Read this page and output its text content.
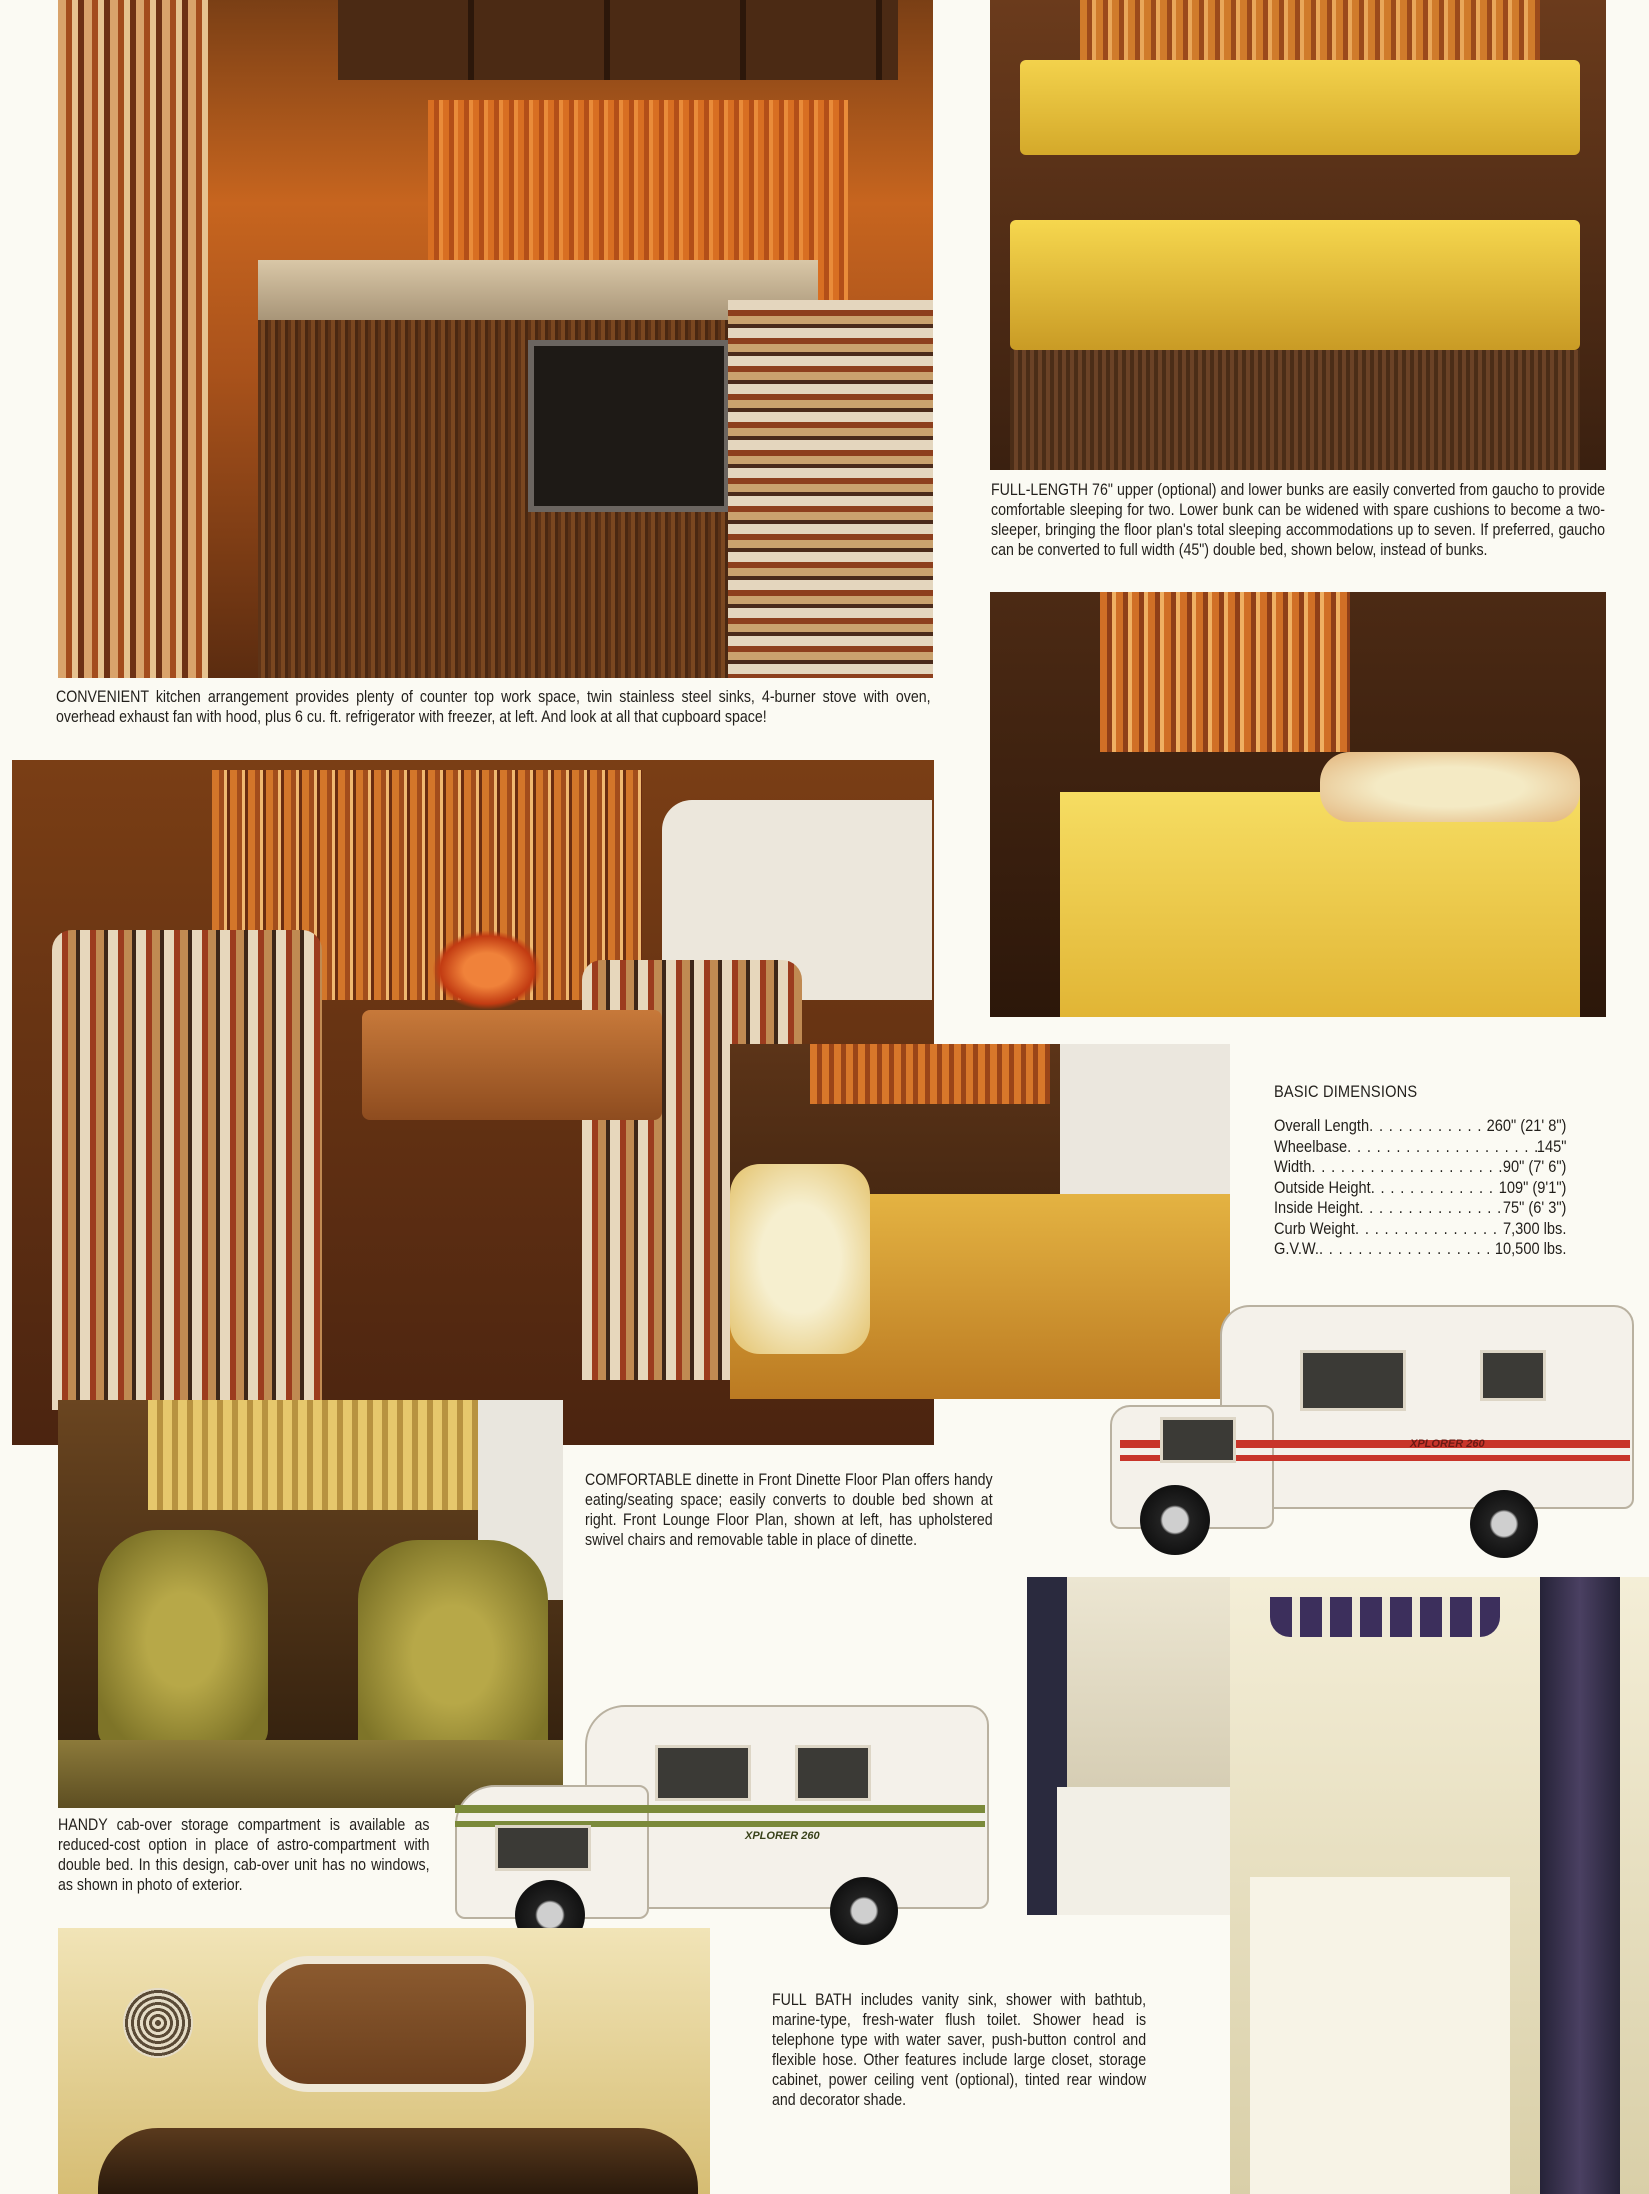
FULL-LENGTH 76" upper (optional) and lower bunks are easily converted from gaucho to provide comfortable sleeping for two. Lower bunk can be widened with spare cushions to become a two-sleeper, bringing the floor plan's total sleeping accommodations up to seven. If preferred, gaucho can be converted to full width (45") double bed, shown below, instead of bunks.

CONVENIENT kitchen arrangement provides plenty of counter top work space, twin stainless steel sinks, 4-burner stove with oven, overhead exhaust fan with hood, plus 6 cu. ft. refrigerator with freezer, at left. And look at all that cupboard space!

BASIC DIMENSIONS
Overall Length . . .	260" (21' 8")
Wheelbase . . .	145"
Width . . .	90" (7' 6")
Outside Height . . .	109" (9'1")
Inside Height . . .	75" (6' 3")
Curb Weight . . .	7,300 lbs.
G.V.W. . . .	10,500 lbs.
XPLORER 260

COMFORTABLE dinette in Front Dinette Floor Plan offers handy eating/seating space; easily converts to double bed shown at right. Front Lounge Floor Plan, shown at left, has upholstered swivel chairs and removable table in place of dinette.

XPLORER 260

HANDY cab-over storage compartment is available as reduced-cost option in place of astro-compartment with double bed. In this design, cab-over unit has no windows, as shown in photo of exterior.

FULL BATH includes vanity sink, shower with bathtub, marine-type, fresh-water flush toilet. Shower head is telephone type with water saver, push-button control and flexible hose. Other features include large closet, storage cabinet, power ceiling vent (optional), tinted rear window and decorator shade.
